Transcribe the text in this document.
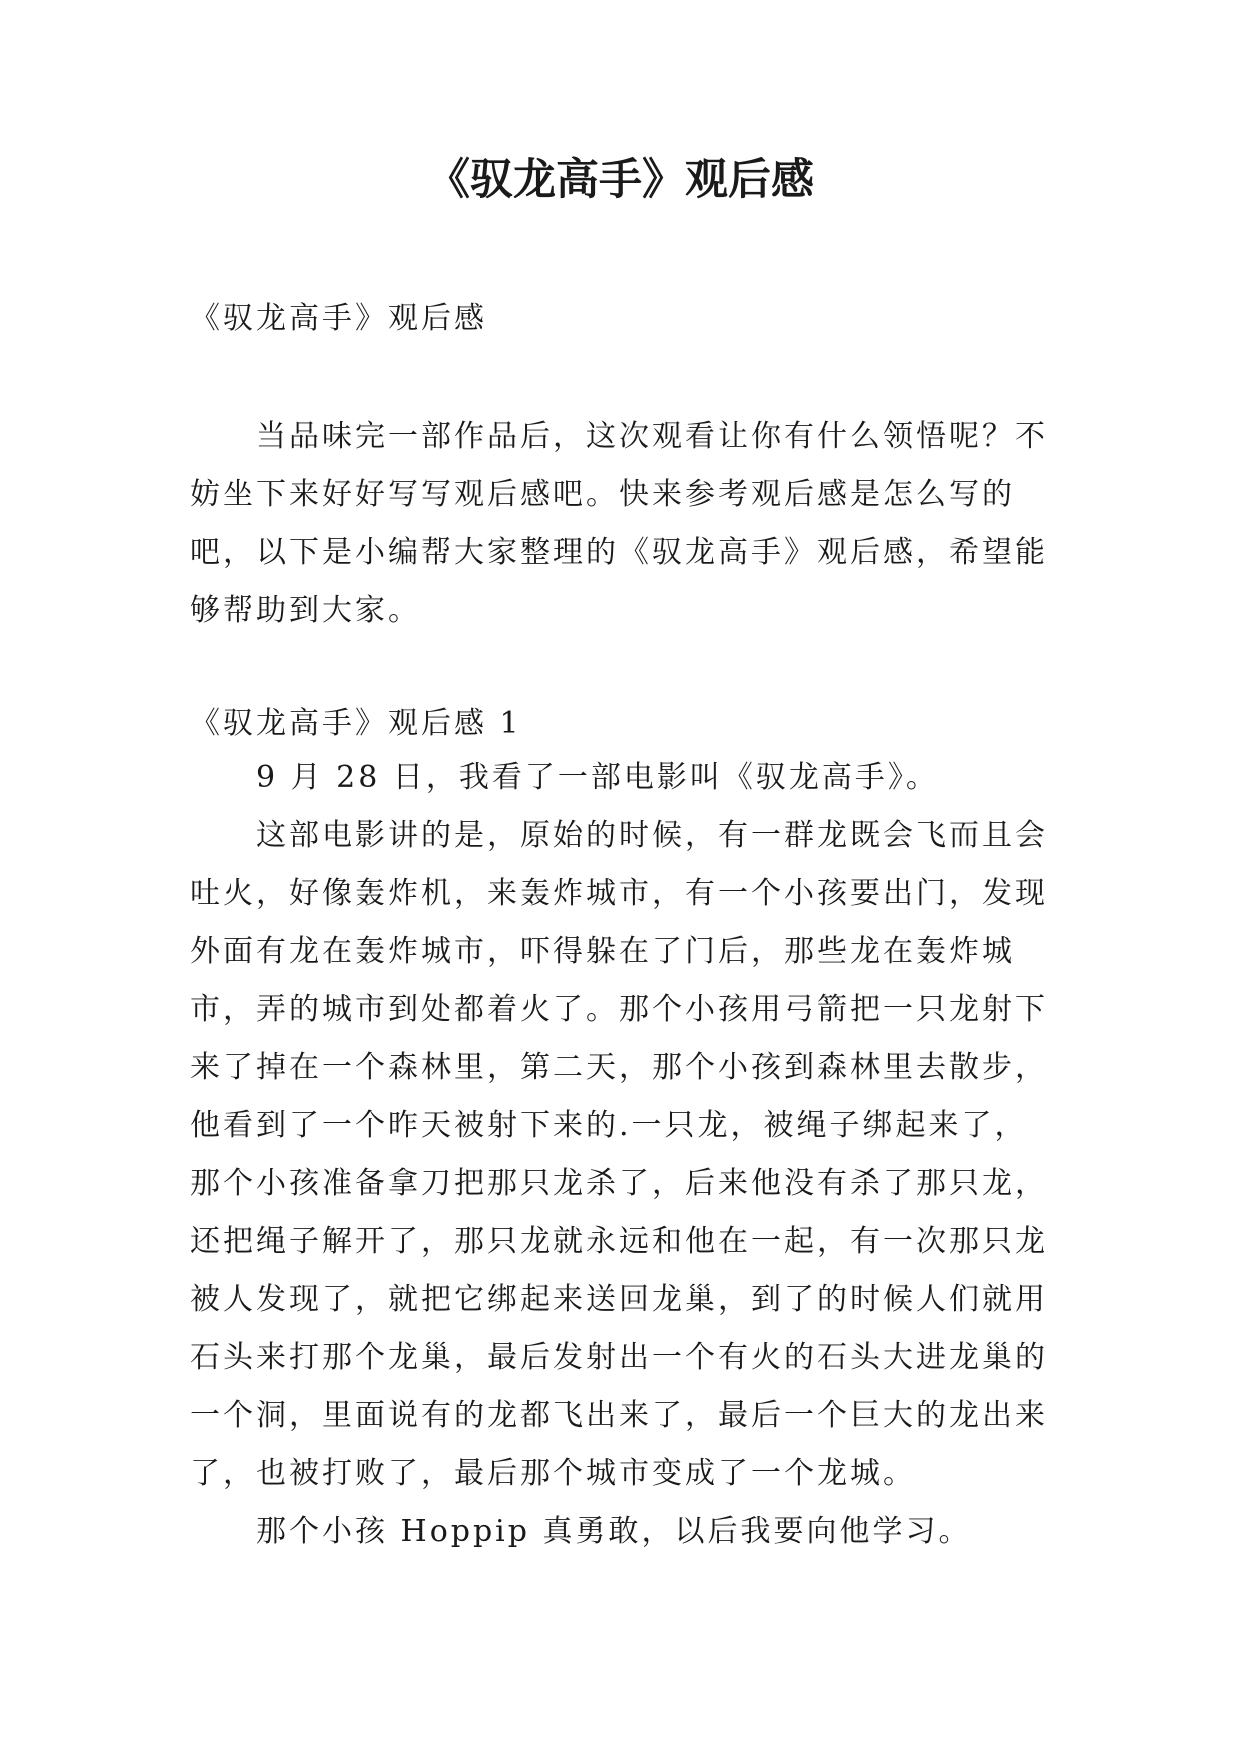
《驭龙高手》观后感
《驭龙高手》观后感

当品味完一部作品后，这次观看让你有什么领悟呢？不妨坐下来好好写写观后感吧。快来参考观后感是怎么写的吧，以下是小编帮大家整理的《驭龙高手》观后感，希望能够帮助到大家。

《驭龙高手》观后感 1

9 月 28 日，我看了一部电影叫《驭龙高手》。

这部电影讲的是，原始的时候，有一群龙既会飞而且会吐火，好像轰炸机，来轰炸城市，有一个小孩要出门，发现外面有龙在轰炸城市，吓得躲在了门后，那些龙在轰炸城市，弄的城市到处都着火了。那个小孩用弓箭把一只龙射下来了掉在一个森林里，第二天，那个小孩到森林里去散步，他看到了一个昨天被射下来的.一只龙，被绳子绑起来了，那个小孩准备拿刀把那只龙杀了，后来他没有杀了那只龙，还把绳子解开了，那只龙就永远和他在一起，有一次那只龙被人发现了，就把它绑起来送回龙巢，到了的时候人们就用石头来打那个龙巢，最后发射出一个有火的石头大进龙巢的一个洞，里面说有的龙都飞出来了，最后一个巨大的龙出来了，也被打败了，最后那个城市变成了一个龙城。

那个小孩 Hoppip 真勇敢，以后我要向他学习。
